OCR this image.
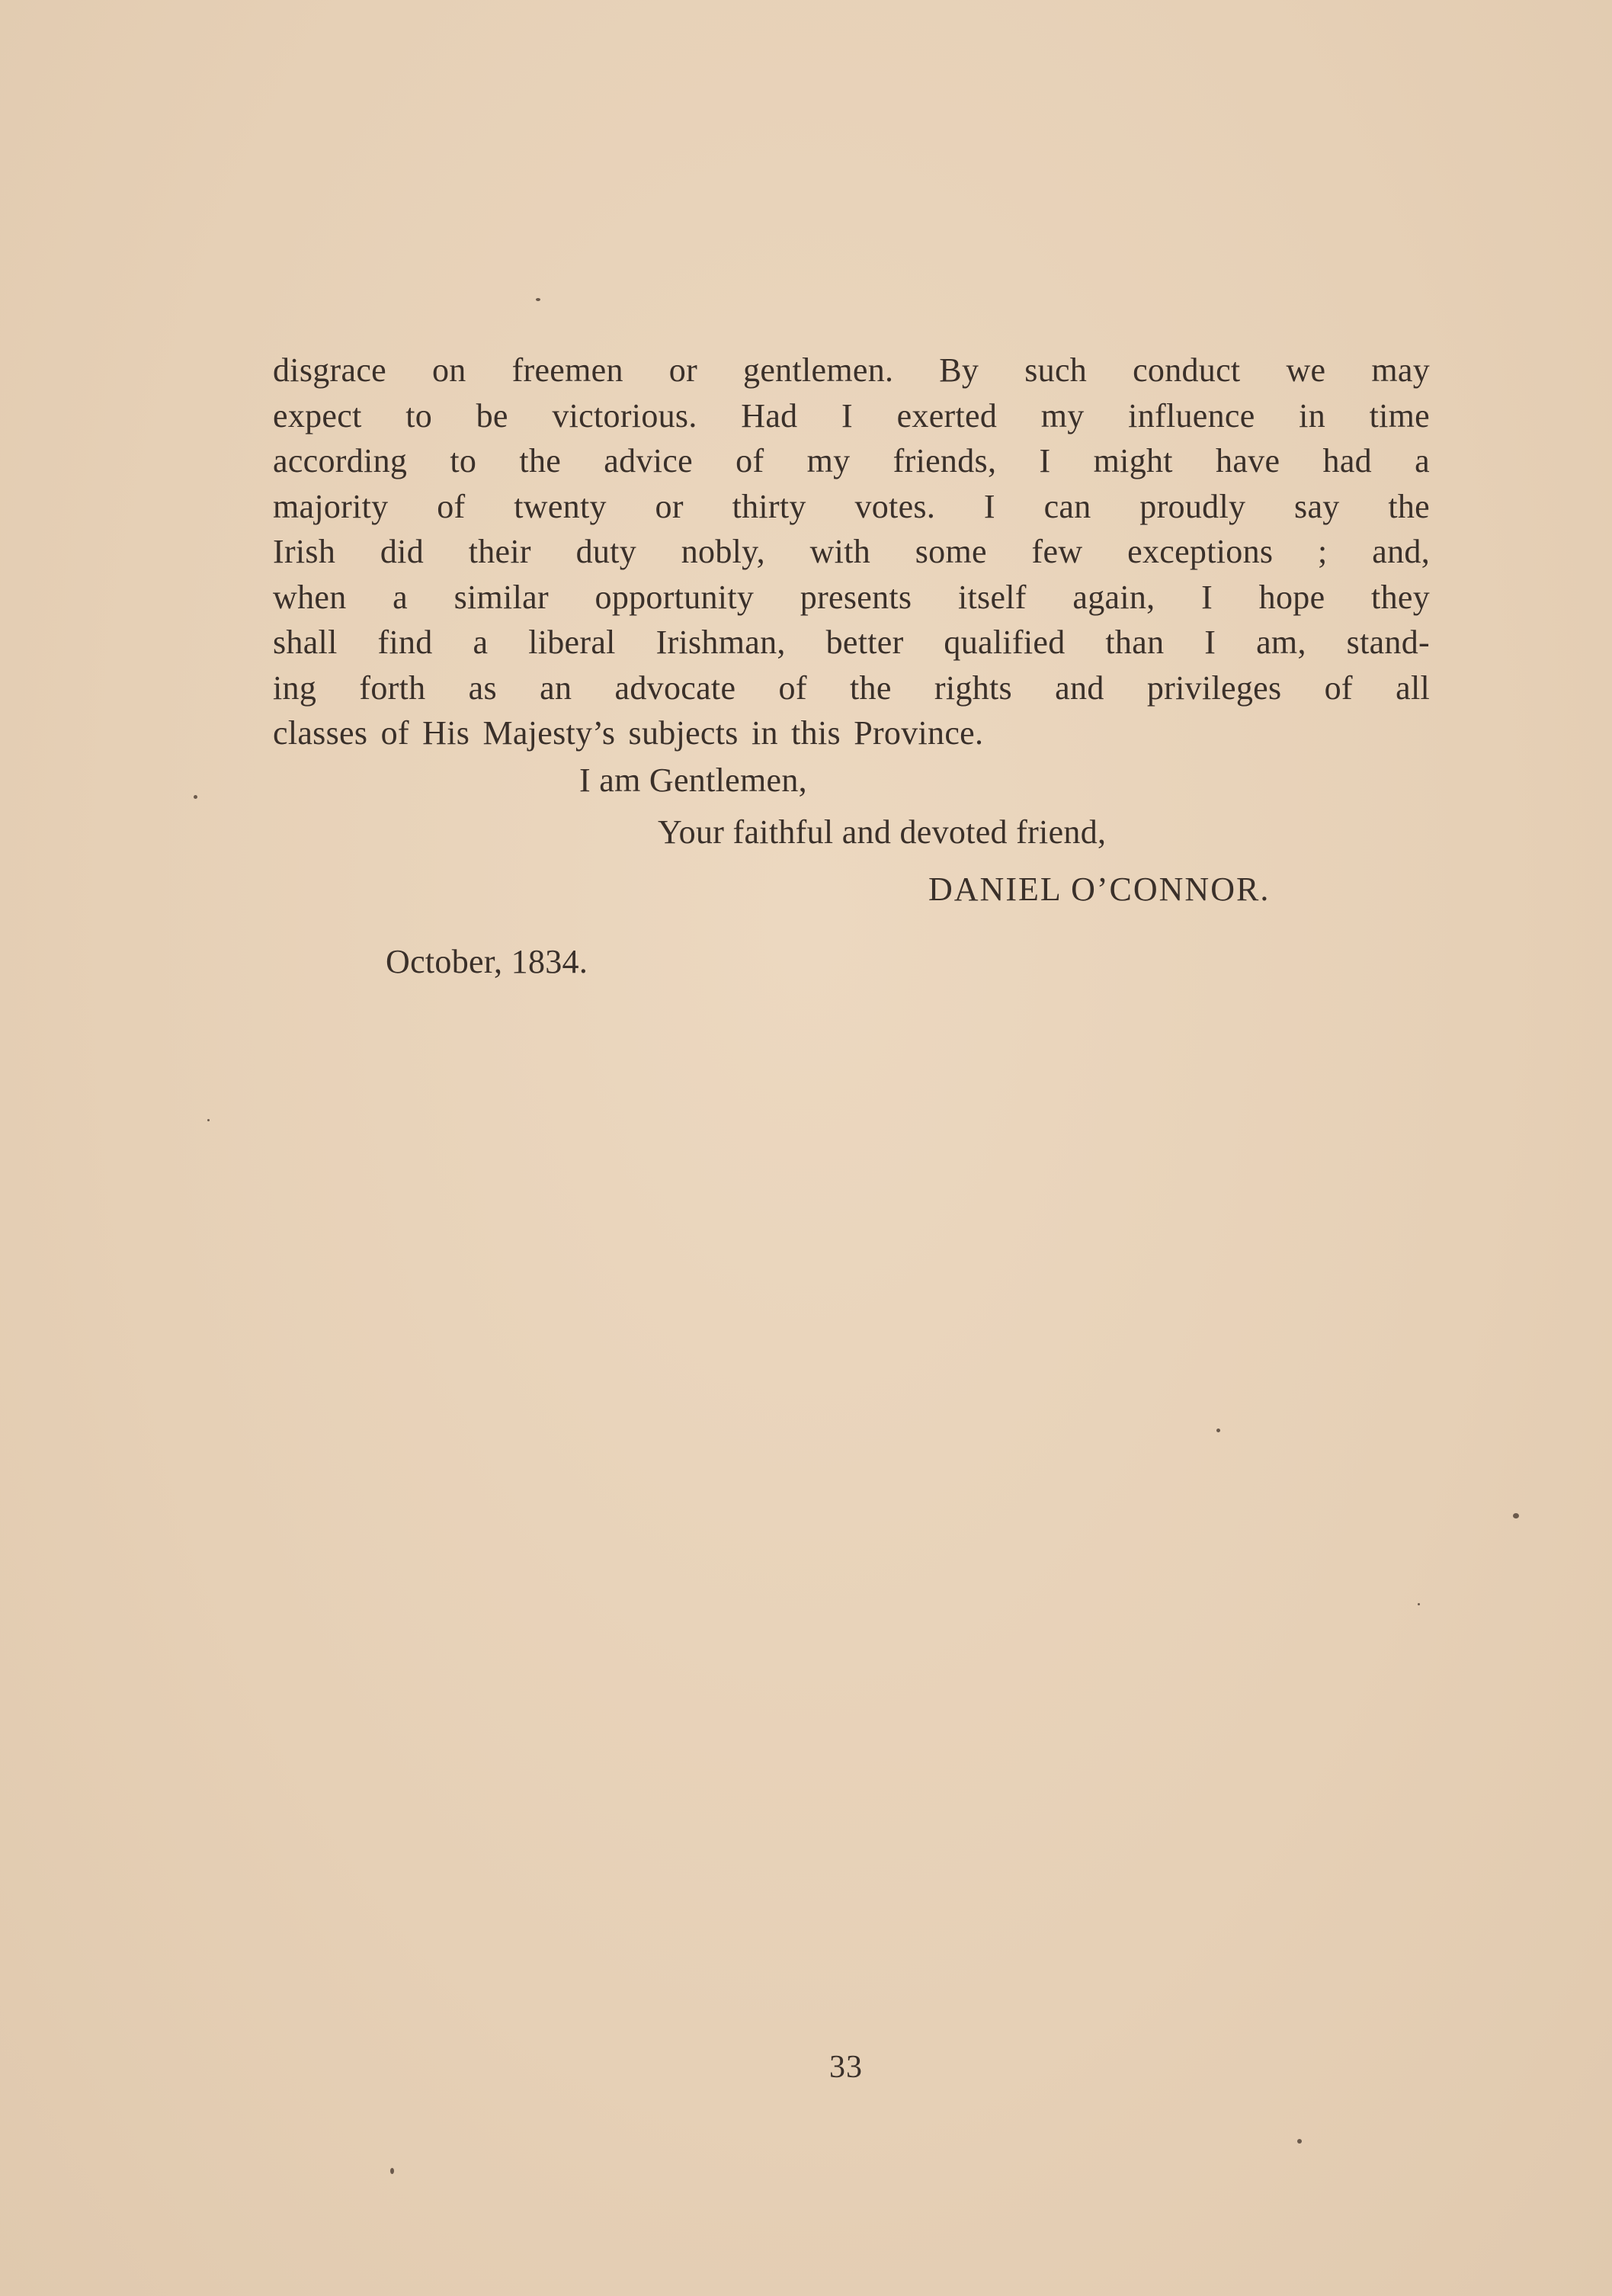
disgrace on freemen or gentlemen. By such conduct we may
expect to be victorious. Had I exerted my influence in time
according to the advice of my friends, I might have had a
majority of twenty or thirty votes. I can proudly say the
Irish did their duty nobly, with some few exceptions ; and,
when a similar opportunity presents itself again, I hope they
shall find a liberal Irishman, better qualified than I am, stand-
ing forth as an advocate of the rights and privileges of all
classes of His Majesty’s subjects in this Province.

I am Gentlemen,

Your faithful and devoted friend,

DANIEL O’CONNOR.

October, 1834.

33
